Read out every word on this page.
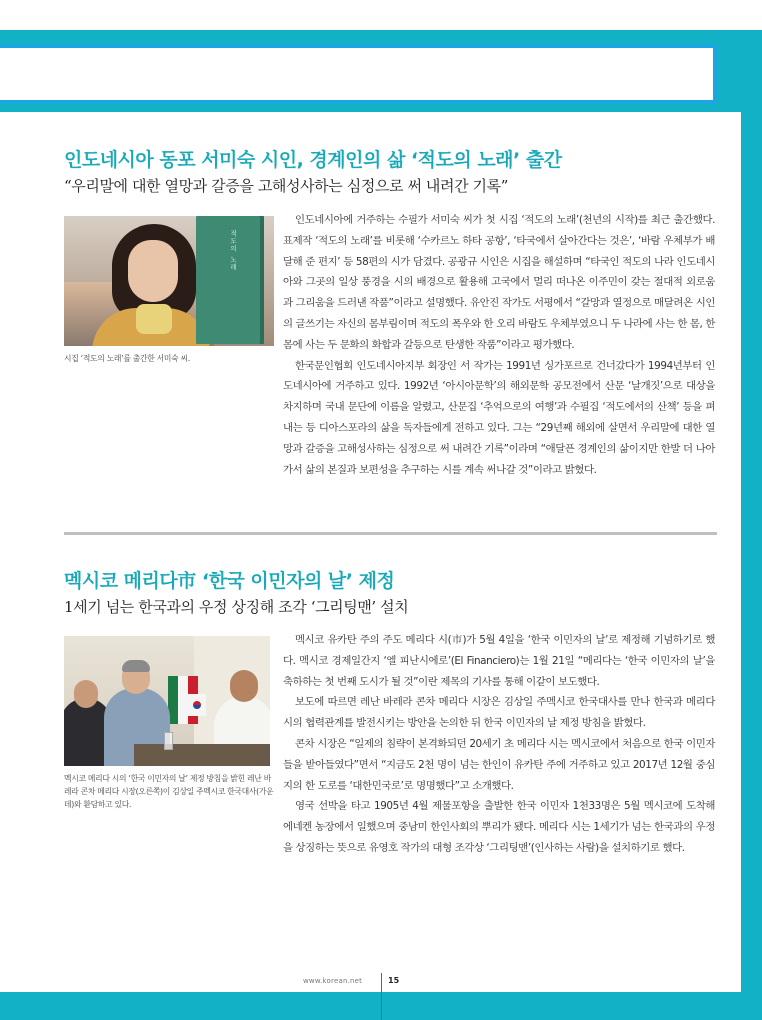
인도네시아 동포 서미숙 시인, 경계인의 삶 ‘적도의 노래’ 출간
“우리말에 대한 열망과 갈증을 고해성사하는 심정으로 써 내려간 기록”
적도의 노래
시집 ‘적도의 노래’를 출간한 서미숙 씨.

인도네시아에 거주하는 수필가 서미숙 씨가 첫 시집 ‘적도의 노래’(천년의 시작)를 최근 출간했다. 표제작 ‘적도의 노래’를 비롯해 ‘수카르노 하타 공항’, ‘타국에서 살아간다는 것은’, ‘바람 우체부가 배달해 준 편지’ 등 58편의 시가 담겼다. 공광규 시인은 시집을 해설하며 “타국인 적도의 나라 인도네시아와 그곳의 일상 풍경을 시의 배경으로 활용해 고국에서 멀리 떠나온 이주민이 갖는 절대적 외로움과 그리움을 드러낸 작품”이라고 설명했다. 유안진 작가도 서평에서 “갈망과 열정으로 매달려온 시인의 글쓰기는 자신의 몸부림이며 적도의 폭우와 한 오리 바람도 우체부였으니 두 나라에 사는 한 몸, 한 몸에 사는 두 문화의 화합과 갈등으로 탄생한 작품”이라고 평가했다.

한국문인협회 인도네시아지부 회장인 서 작가는 1991년 싱가포르로 건너갔다가 1994년부터 인도네시아에 거주하고 있다. 1992년 ‘아시아문학’의 해외문학 공모전에서 산문 ‘날개짓’으로 대상을 차지하며 국내 문단에 이름을 알렸고, 산문집 ‘추억으로의 여행’과 수필집 ‘적도에서의 산책’ 등을 펴내는 등 디아스포라의 삶을 독자들에게 전하고 있다. 그는 “29년째 해외에 살면서 우리말에 대한 열망과 갈증을 고해성사하는 심정으로 써 내려간 기록”이라며 “애달픈 경계인의 삶이지만 한발 더 나아가서 삶의 본질과 보편성을 추구하는 시를 계속 써나갈 것”이라고 밝혔다.

멕시코 메리다市 ‘한국 이민자의 날’ 제정
1세기 넘는 한국과의 우정 상징해 조각 ‘그리팅맨’ 설치
멕시코 메리다 시의 ‘한국 이민자의 날’ 제정 방침을 밝힌 레난 바레라 콘차 메리다 시장(오른쪽)이 김상일 주멕시코 한국대사(가운데)와 환담하고 있다.

멕시코 유카탄 주의 주도 메리다 시(市)가 5월 4일을 ‘한국 이민자의 날’로 제정해 기념하기로 했다. 멕시코 경제일간지 ‘엘 피난시에로’(El Financiero)는 1월 21일 “메리다는 ‘한국 이민자의 날’을 축하하는 첫 번째 도시가 될 것”이란 제목의 기사를 통해 이같이 보도했다.

보도에 따르면 레난 바레라 콘차 메리다 시장은 김상일 주멕시코 한국대사를 만나 한국과 메리다 시의 협력관계를 발전시키는 방안을 논의한 뒤 한국 이민자의 날 제정 방침을 밝혔다.

콘차 시장은 “일제의 침략이 본격화되던 20세기 초 메리다 시는 멕시코에서 처음으로 한국 이민자들을 받아들였다”면서 “지금도 2천 명이 넘는 한인이 유카탄 주에 거주하고 있고 2017년 12월 중심지의 한 도로를 ‘대한민국로’로 명명했다”고 소개했다.

영국 선박을 타고 1905년 4월 제물포항을 출발한 한국 이민자 1천33명은 5월 멕시코에 도착해 에네켄 농장에서 일했으며 중남미 한인사회의 뿌리가 됐다. 메리다 시는 1세기가 넘는 한국과의 우정을 상징하는 뜻으로 유영호 작가의 대형 조각상 ‘그리팅맨’(인사하는 사람)을 설치하기로 했다.

www.korean.net	15
